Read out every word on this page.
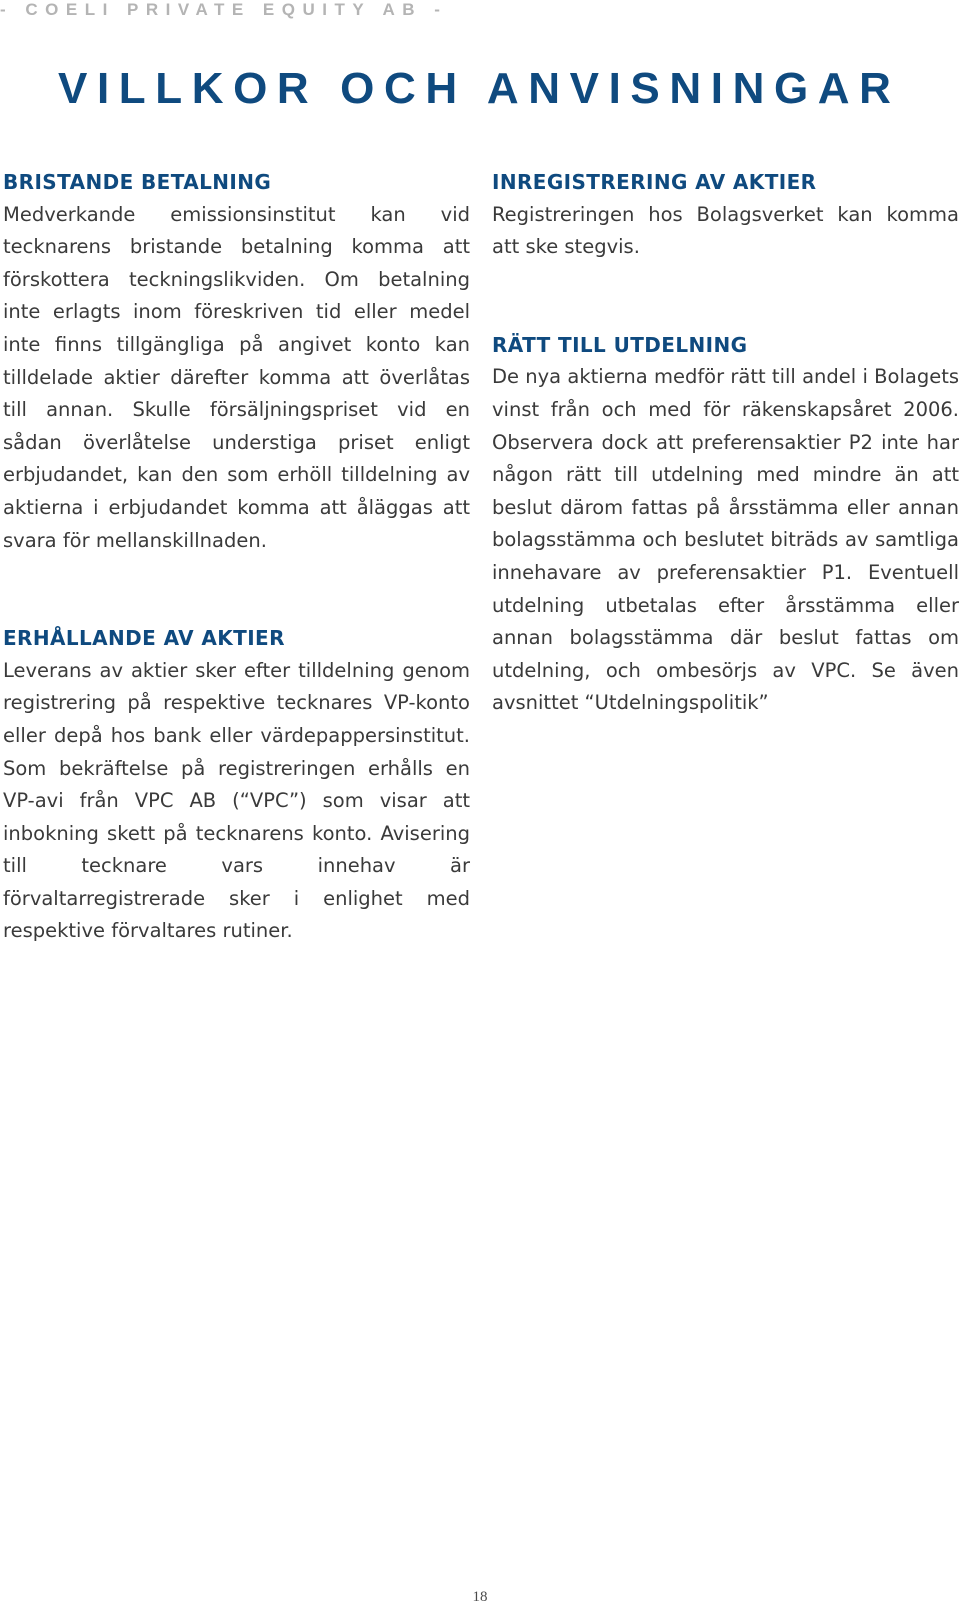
- COELI PRIVATE EQUITY AB -
VILLKOR OCH ANVISNINGAR
BRISTANDE BETALNING

Medverkande emissionsinstitut kan vid tecknarens bristande betalning komma att förskottera teckningslikviden. Om betalning inte erlagts inom föreskriven tid eller medel inte finns tillgängliga på angivet konto kan tilldelade aktier därefter komma att överlåtas till annan. Skulle försäljningspriset vid en sådan överlåtelse understiga priset enligt erbjudandet, kan den som erhöll tilldelning av aktierna i erbjudandet komma att åläggas att svara för mellanskillnaden.

ERHÅLLANDE AV AKTIER

Leverans av aktier sker efter tilldelning genom registrering på respektive tecknares VP-konto eller depå hos bank eller värdepappersinstitut. Som bekräftelse på registreringen erhålls en VP-avi från VPC AB (“VPC”) som visar att inbokning skett på tecknarens konto. Avisering till tecknare vars innehav är förvaltarregistrerade sker i enlighet med respektive förvaltares rutiner.

INREGISTRERING AV AKTIER

Registreringen hos Bolagsverket kan komma att ske stegvis.

RÄTT TILL UTDELNING

De nya aktierna medför rätt till andel i Bolagets vinst från och med för räkenskapsåret 2006. Observera dock att preferensaktier P2 inte har någon rätt till utdelning med mindre än att beslut därom fattas på årsstämma eller annan bolagsstämma och beslutet biträds av samtliga innehavare av preferensaktier P1. Eventuell utdelning utbetalas efter årsstämma eller annan bolagsstämma där beslut fattas om utdelning, och ombesörjs av VPC. Se även avsnittet “Utdelningspolitik”

18
